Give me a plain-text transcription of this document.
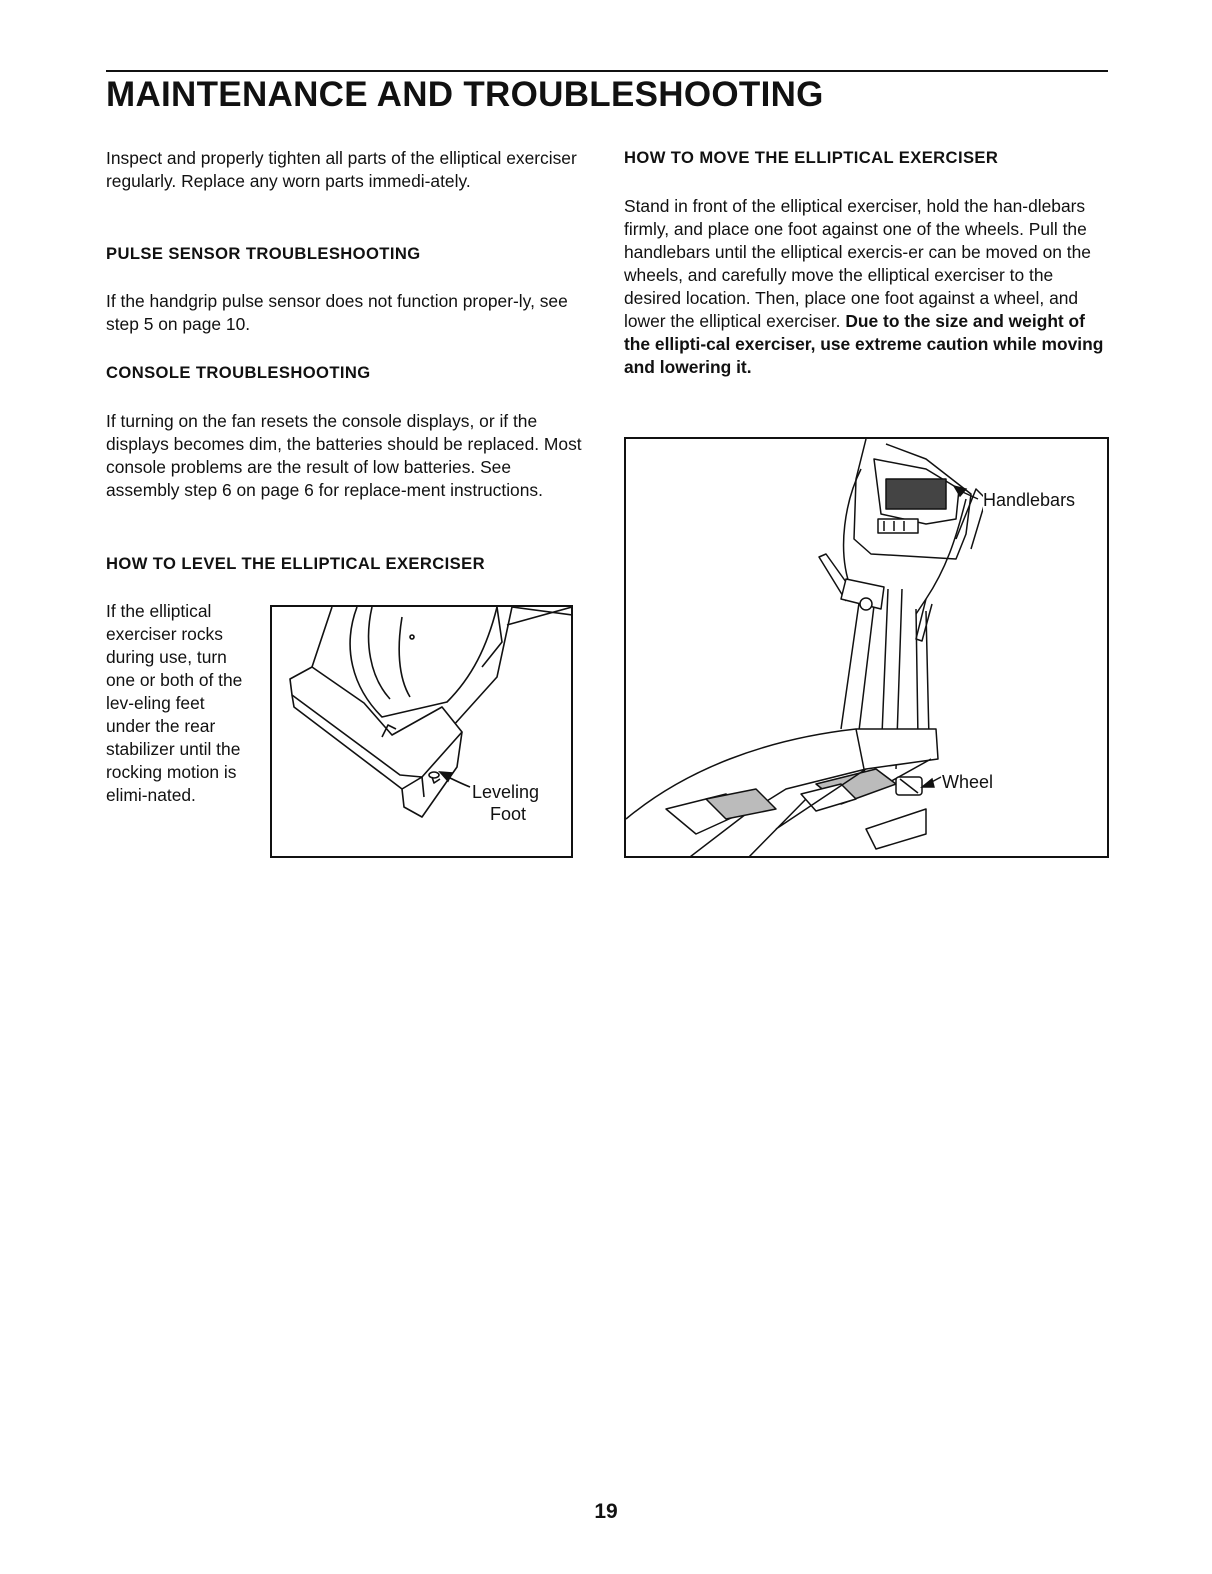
MAINTENANCE AND TROUBLESHOOTING

Inspect and properly tighten all parts of the elliptical exerciser regularly. Replace any worn parts immedi-ately.

PULSE SENSOR TROUBLESHOOTING

If the handgrip pulse sensor does not function proper-ly, see step 5 on page 10.

CONSOLE TROUBLESHOOTING

If turning on the fan resets the console displays, or if the displays becomes dim, the batteries should be replaced. Most console problems are the result of low batteries. See assembly step 6 on page 6 for replace-ment instructions.

HOW TO LEVEL THE ELLIPTICAL EXERCISER

If the elliptical exerciser rocks during use, turn one or both of the lev-eling feet under the rear stabilizer until the rocking motion is elimi-nated.	Leveling
Foot
HOW TO MOVE THE ELLIPTICAL EXERCISER

Stand in front of the elliptical exerciser, hold the han-dlebars firmly, and place one foot against one of the wheels. Pull the handlebars until the elliptical exercis-er can be moved on the wheels, and carefully move the elliptical exerciser to the desired location. Then, place one foot against a wheel, and lower the elliptical exerciser. Due to the size and weight of the ellipti-cal exerciser, use extreme caution while moving and lowering it.

Handlebars
Wheel
19
